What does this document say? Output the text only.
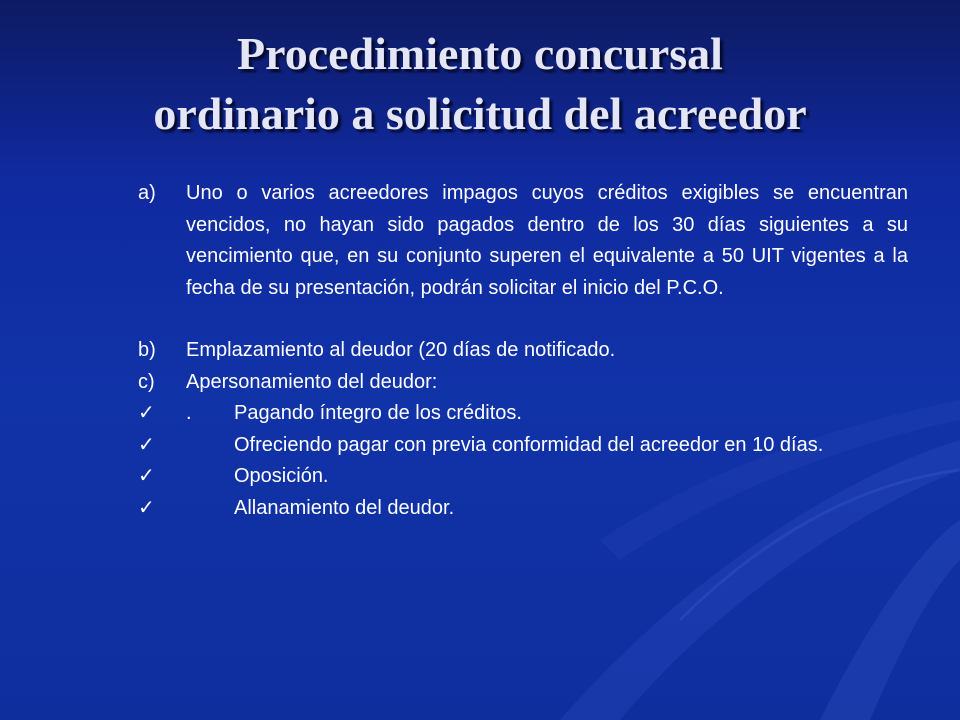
Procedimiento concursal
ordinario a solicitud del acreedor
a)	Uno o varios acreedores impagos cuyos créditos exigibles se encuentran vencidos, no hayan sido pagados dentro de los 30 días siguientes a su vencimiento que, en su conjunto superen el equivalente a 50 UIT vigentes a la fecha de su presentación, podrán solicitar el inicio del P.C.O.
b)	Emplazamiento al deudor (20 días de notificado.
c)	Apersonamiento del deudor:
✓	. Pagando íntegro de los créditos.
✓	Ofreciendo pagar con previa conformidad del acreedor en 10 días.
✓	Oposición.
✓	Allanamiento del deudor.
